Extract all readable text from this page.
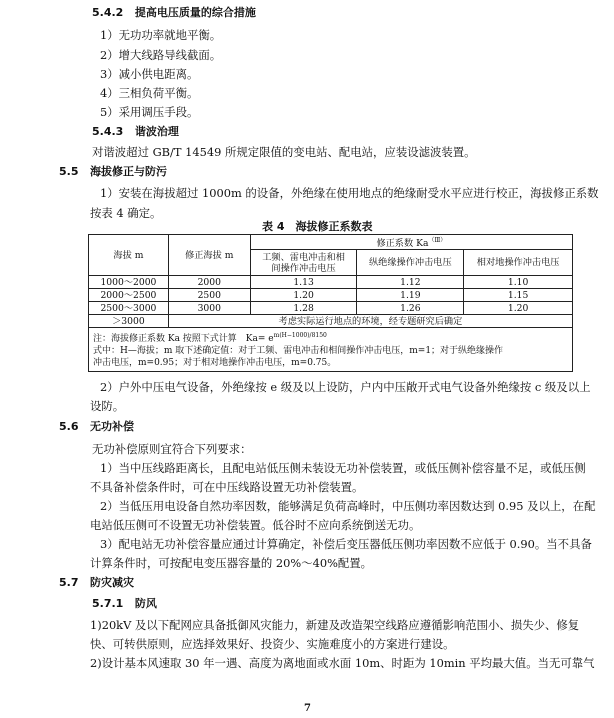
5.4.2 提高电压质量的综合措施
1）无功功率就地平衡。
2）增大线路导线截面。
3）减小供电距离。
4）三相负荷平衡。
5）采用调压手段。
5.4.3 谐波治理
对谐波超过 GB/T 14549 所规定限值的变电站、配电站，应装设滤波装置。
5.5 海拔修正与防污
1）安装在海拔超过 1000m 的设备，外绝缘在使用地点的绝缘耐受水平应进行校正，海拔修正系数
按表 4 确定。
表 4　海拔修正系数表
海拔 m	修正海拔 m	修正系数 $Ka^{(Ⅲ)}$
		工频、雷电冲击和相
间操作冲击电压	纵绝缘操作冲击电压	相对地操作冲击电压
1000～2000	2000	1.13	1.12	1.10
2000～2500	2500	1.20	1.19	1.15
2500～3000	3000	1.28	1.26	1.20
＞3000	考虑实际运行地点的环境，经专题研究后确定			
注：海拔修正系数 Ka 按照下式计算　$Ka= e^{m(H-1000)/8150}$
式中：H—海拔；m 取下述确定值：对于工频、雷电冲击和相间操作冲击电压，m=1；对于纵绝缘操作
冲击电压，m=0.95；对于相对地操作冲击电压，m=0.75。				
2）户外中压电气设备，外绝缘按 e 级及以上设防，户内中压敞开式电气设备外绝缘按 c 级及以上
设防。
5.6 无功补偿
无功补偿原则宜符合下列要求：
1）当中压线路距离长，且配电站低压侧未装设无功补偿装置，或低压侧补偿容量不足，或低压侧
不具备补偿条件时，可在中压线路设置无功补偿装置。
2）当低压用电设备自然功率因数，能够满足负荷高峰时，中压侧功率因数达到 0.95 及以上，在配
电站低压侧可不设置无功补偿装置。低谷时不应向系统倒送无功。
3）配电站无功补偿容量应通过计算确定，补偿后变压器低压侧功率因数不应低于 0.90。当不具备
计算条件时，可按配电变压器容量的 20%～40%配置。
5.7 防灾减灾
5.7.1 防风
1)20kV 及以下配网应具备抵御风灾能力，新建及改造架空线路应遵循影响范围小、损失少、修复
快、可转供原则，应选择效果好、投资少、实施难度小的方案进行建设。
2)设计基本风速取 30 年一遇、高度为离地面或水面 10m、时距为 10min 平均最大值。当无可靠气
7
